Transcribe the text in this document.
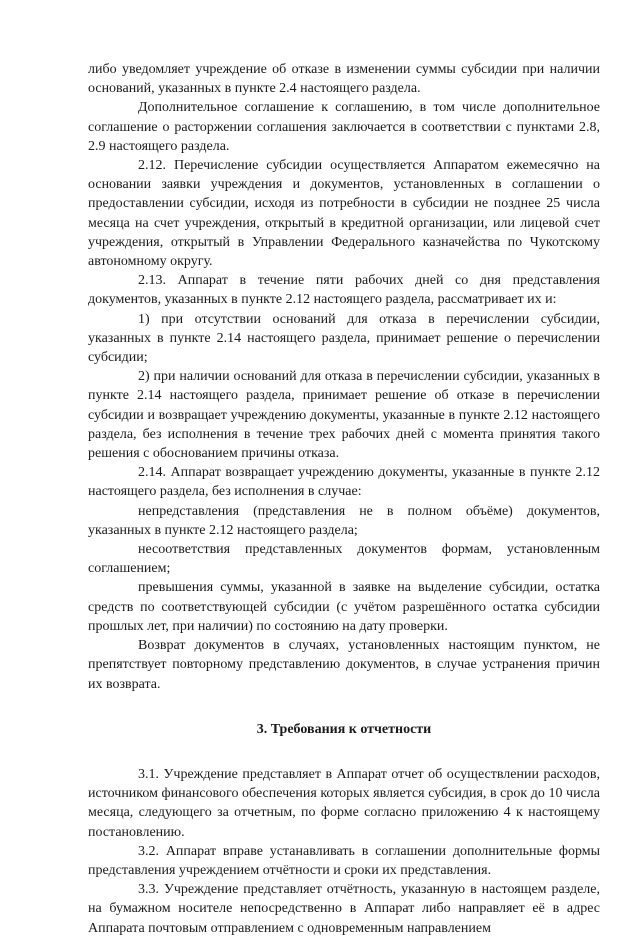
либо уведомляет учреждение об отказе в изменении суммы субсидии при наличии оснований, указанных в пункте 2.4 настоящего раздела.

Дополнительное соглашение к соглашению, в том числе дополнительное соглашение о расторжении соглашения заключается в соответствии с пунктами 2.8, 2.9 настоящего раздела.

2.12. Перечисление субсидии осуществляется Аппаратом ежемесячно на основании заявки учреждения и документов, установленных в соглашении о предоставлении субсидии, исходя из потребности в субсидии не позднее 25 числа месяца на счет учреждения, открытый в кредитной организации, или лицевой счет учреждения, открытый в Управлении Федерального казначейства по Чукотскому автономному округу.

2.13. Аппарат в течение пяти рабочих дней со дня представления документов, указанных в пункте 2.12 настоящего раздела, рассматривает их и:

1) при отсутствии оснований для отказа в перечислении субсидии, указанных в пункте 2.14 настоящего раздела, принимает решение о перечислении субсидии;

2) при наличии оснований для отказа в перечислении субсидии, указанных в пункте 2.14 настоящего раздела, принимает решение об отказе в перечислении субсидии и возвращает учреждению документы, указанные в пункте 2.12 настоящего раздела, без исполнения в течение трех рабочих дней с момента принятия такого решения с обоснованием причины отказа.

2.14. Аппарат возвращает учреждению документы, указанные в пункте 2.12 настоящего раздела, без исполнения в случае:

непредставления (представления не в полном объёме) документов, указанных в пункте 2.12 настоящего раздела;

несоответствия представленных документов формам, установленным соглашением;

превышения суммы, указанной в заявке на выделение субсидии, остатка средств по соответствующей субсидии (с учётом разрешённого остатка субсидии прошлых лет, при наличии) по состоянию на дату проверки.

Возврат документов в случаях, установленных настоящим пунктом, не препятствует повторному представлению документов, в случае устранения причин их возврата.

3. Требования к отчетности

3.1. Учреждение представляет в Аппарат отчет об осуществлении расходов, источником финансового обеспечения которых является субсидия, в срок до 10 числа месяца, следующего за отчетным, по форме согласно приложению 4 к настоящему постановлению.

3.2. Аппарат вправе устанавливать в соглашении дополнительные формы представления учреждением отчётности и сроки их представления.

3.3. Учреждение представляет отчётность, указанную в настоящем разделе, на бумажном носителе непосредственно в Аппарат либо направляет её в адрес Аппарата почтовым отправлением с одновременным направлением
